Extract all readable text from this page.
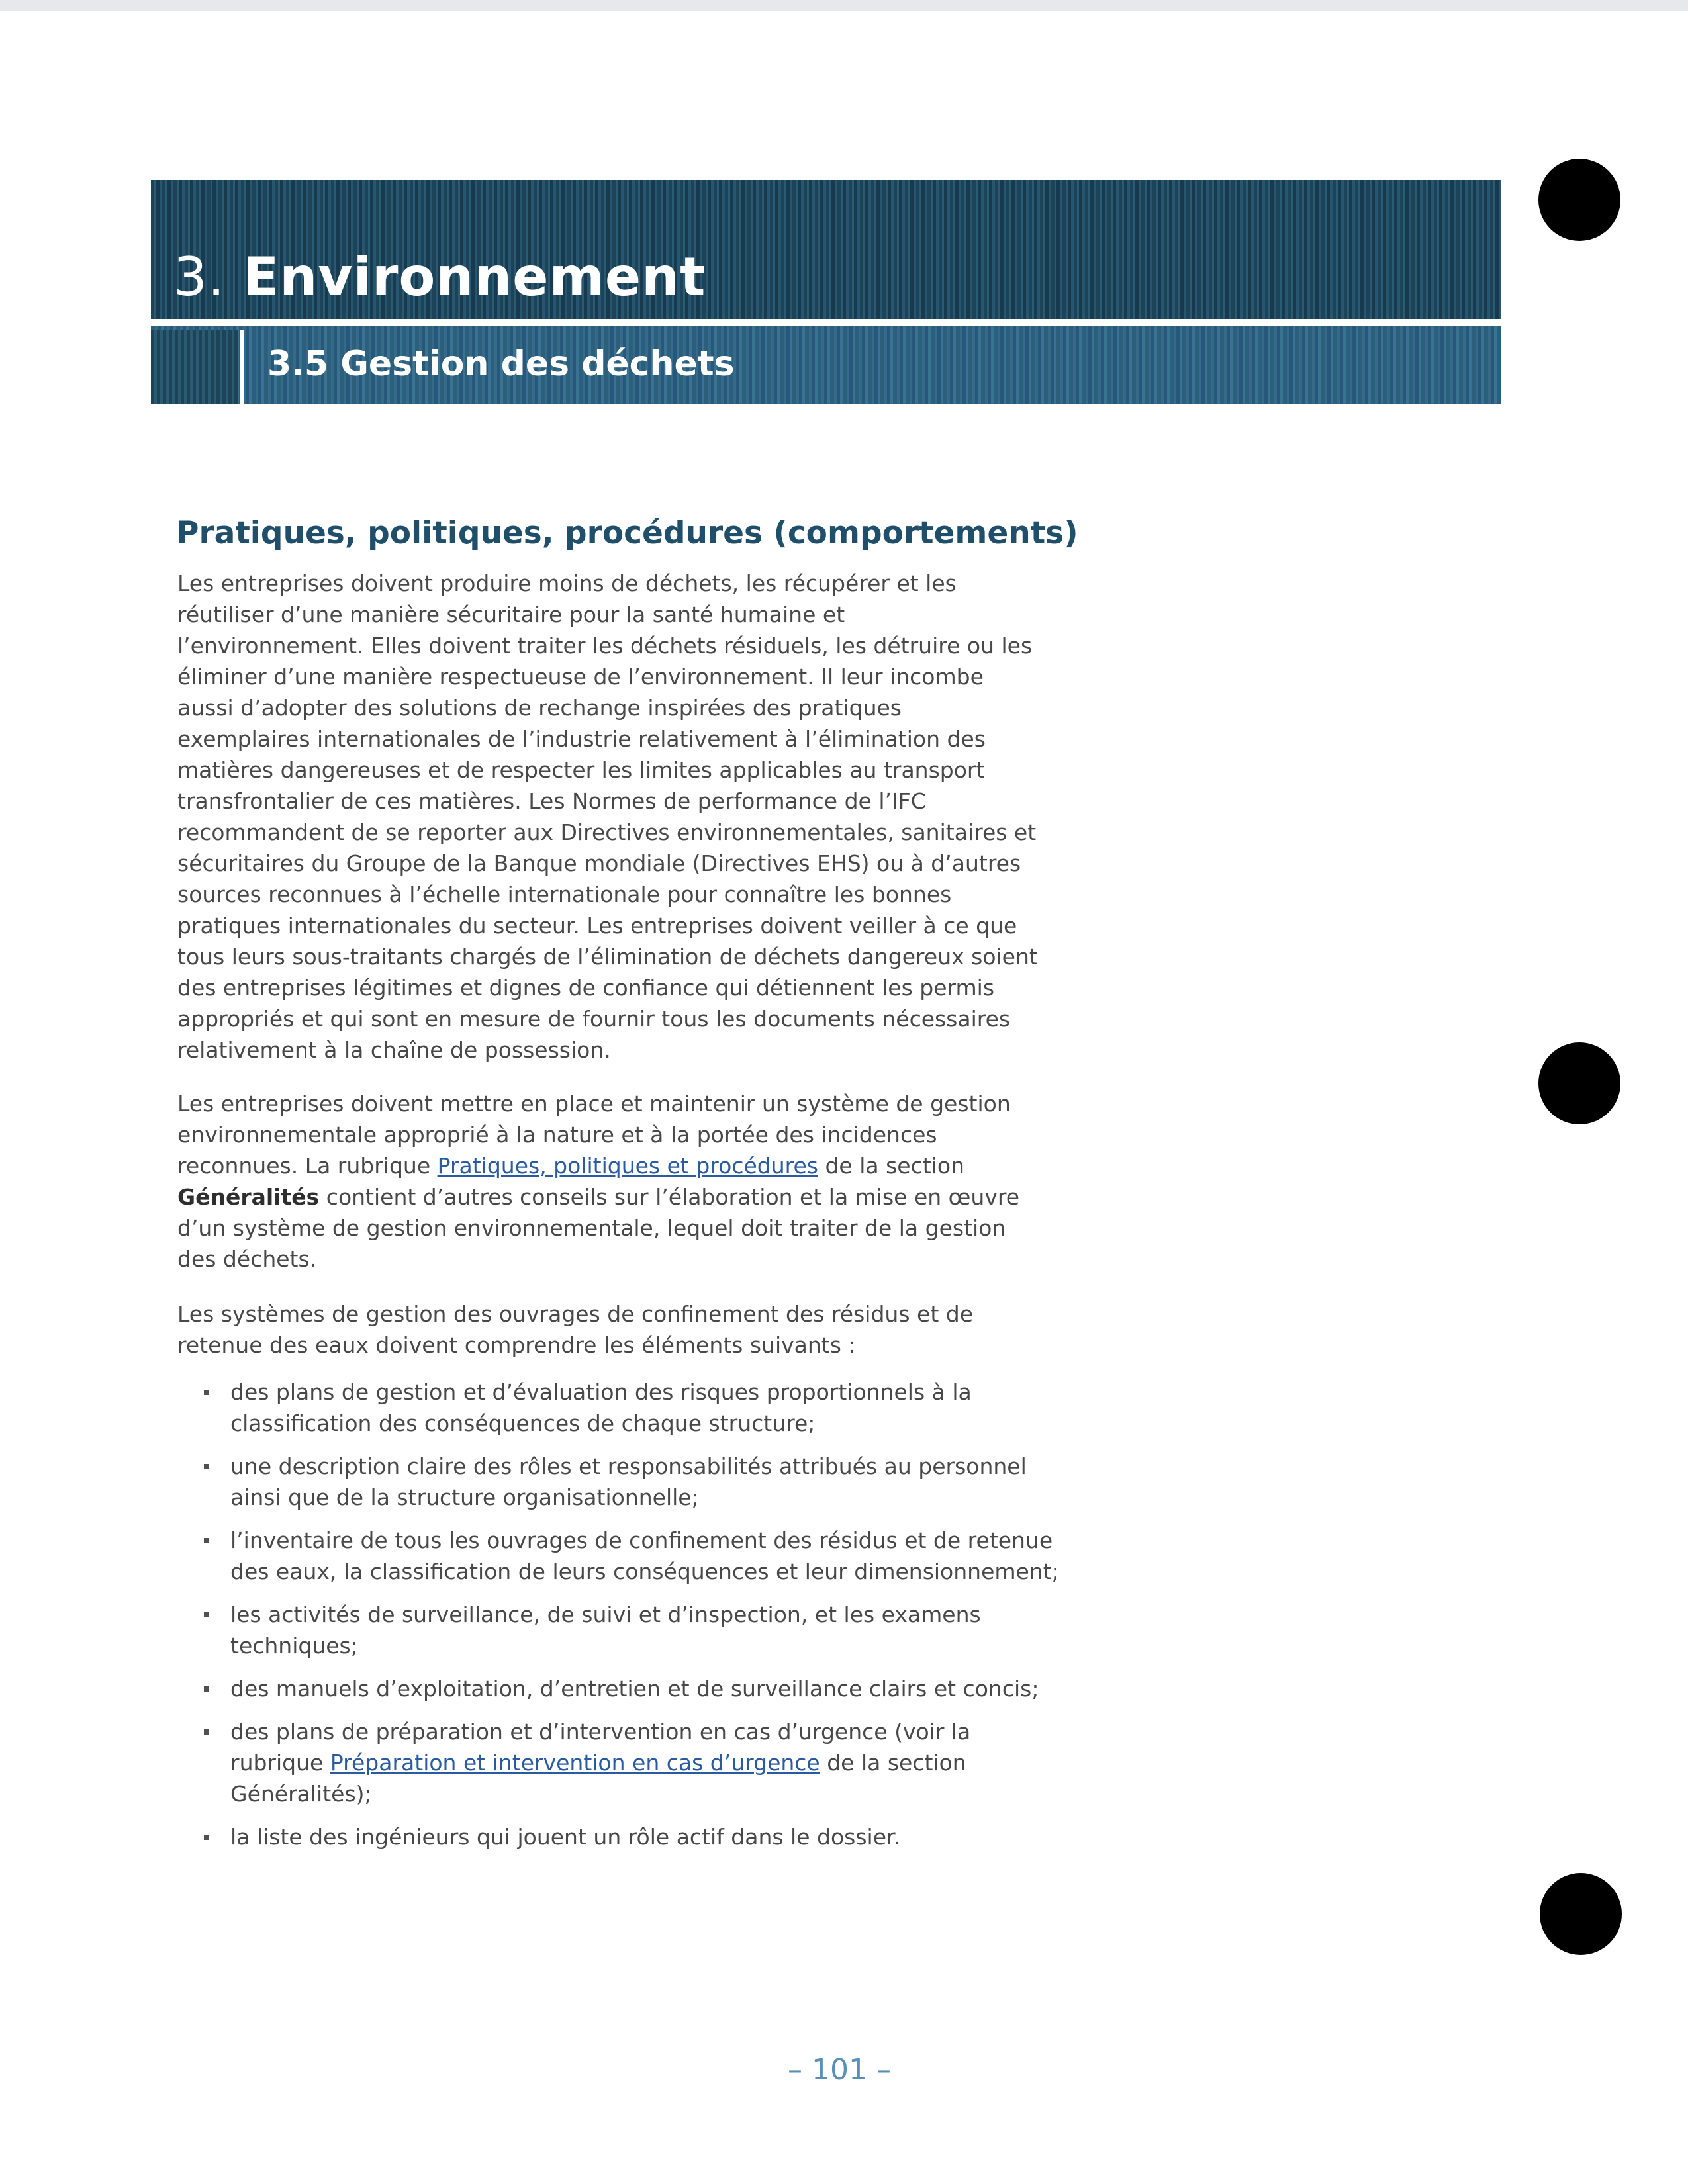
3. Environnement
3.5 Gestion des déchets
Pratiques, politiques, procédures (comportements)

Les entreprises doivent produire moins de déchets, les récupérer et les réutiliser d’une manière sécuritaire pour la santé humaine et l’environnement. Elles doivent traiter les déchets résiduels, les détruire ou les éliminer d’une manière respectueuse de l’environnement. Il leur incombe aussi d’adopter des solutions de rechange inspirées des pratiques exemplaires internationales de l’industrie relativement à l’élimination des matières dangereuses et de respecter les limites applicables au transport transfrontalier de ces matières. Les Normes de performance de l’IFC recommandent de se reporter aux Directives environnementales, sanitaires et sécuritaires du Groupe de la Banque mondiale (Directives EHS) ou à d’autres sources reconnues à l’échelle internationale pour connaître les bonnes pratiques internationales du secteur. Les entreprises doivent veiller à ce que tous leurs sous-traitants chargés de l’élimination de déchets dangereux soient des entreprises légitimes et dignes de confiance qui détiennent les permis appropriés et qui sont en mesure de fournir tous les documents nécessaires relativement à la chaîne de possession.

Les entreprises doivent mettre en place et maintenir un système de gestion environnementale approprié à la nature et à la portée des incidences reconnues. La rubrique Pratiques, politiques et procédures de la section Généralités contient d’autres conseils sur l’élaboration et la mise en œuvre d’un système de gestion environnementale, lequel doit traiter de la gestion des déchets.

Les systèmes de gestion des ouvrages de confinement des résidus et de retenue des eaux doivent comprendre les éléments suivants :

des plans de gestion et d’évaluation des risques proportionnels à la classification des conséquences de chaque structure;
une description claire des rôles et responsabilités attribués au personnel ainsi que de la structure organisationnelle;
l’inventaire de tous les ouvrages de confinement des résidus et de retenue des eaux, la classification de leurs conséquences et leur dimensionnement;
les activités de surveillance, de suivi et d’inspection, et les examens techniques;
des manuels d’exploitation, d’entretien et de surveillance clairs et concis;
des plans de préparation et d’intervention en cas d’urgence (voir la rubrique Préparation et intervention en cas d’urgence de la section Généralités);
la liste des ingénieurs qui jouent un rôle actif dans le dossier.
– 101 –
